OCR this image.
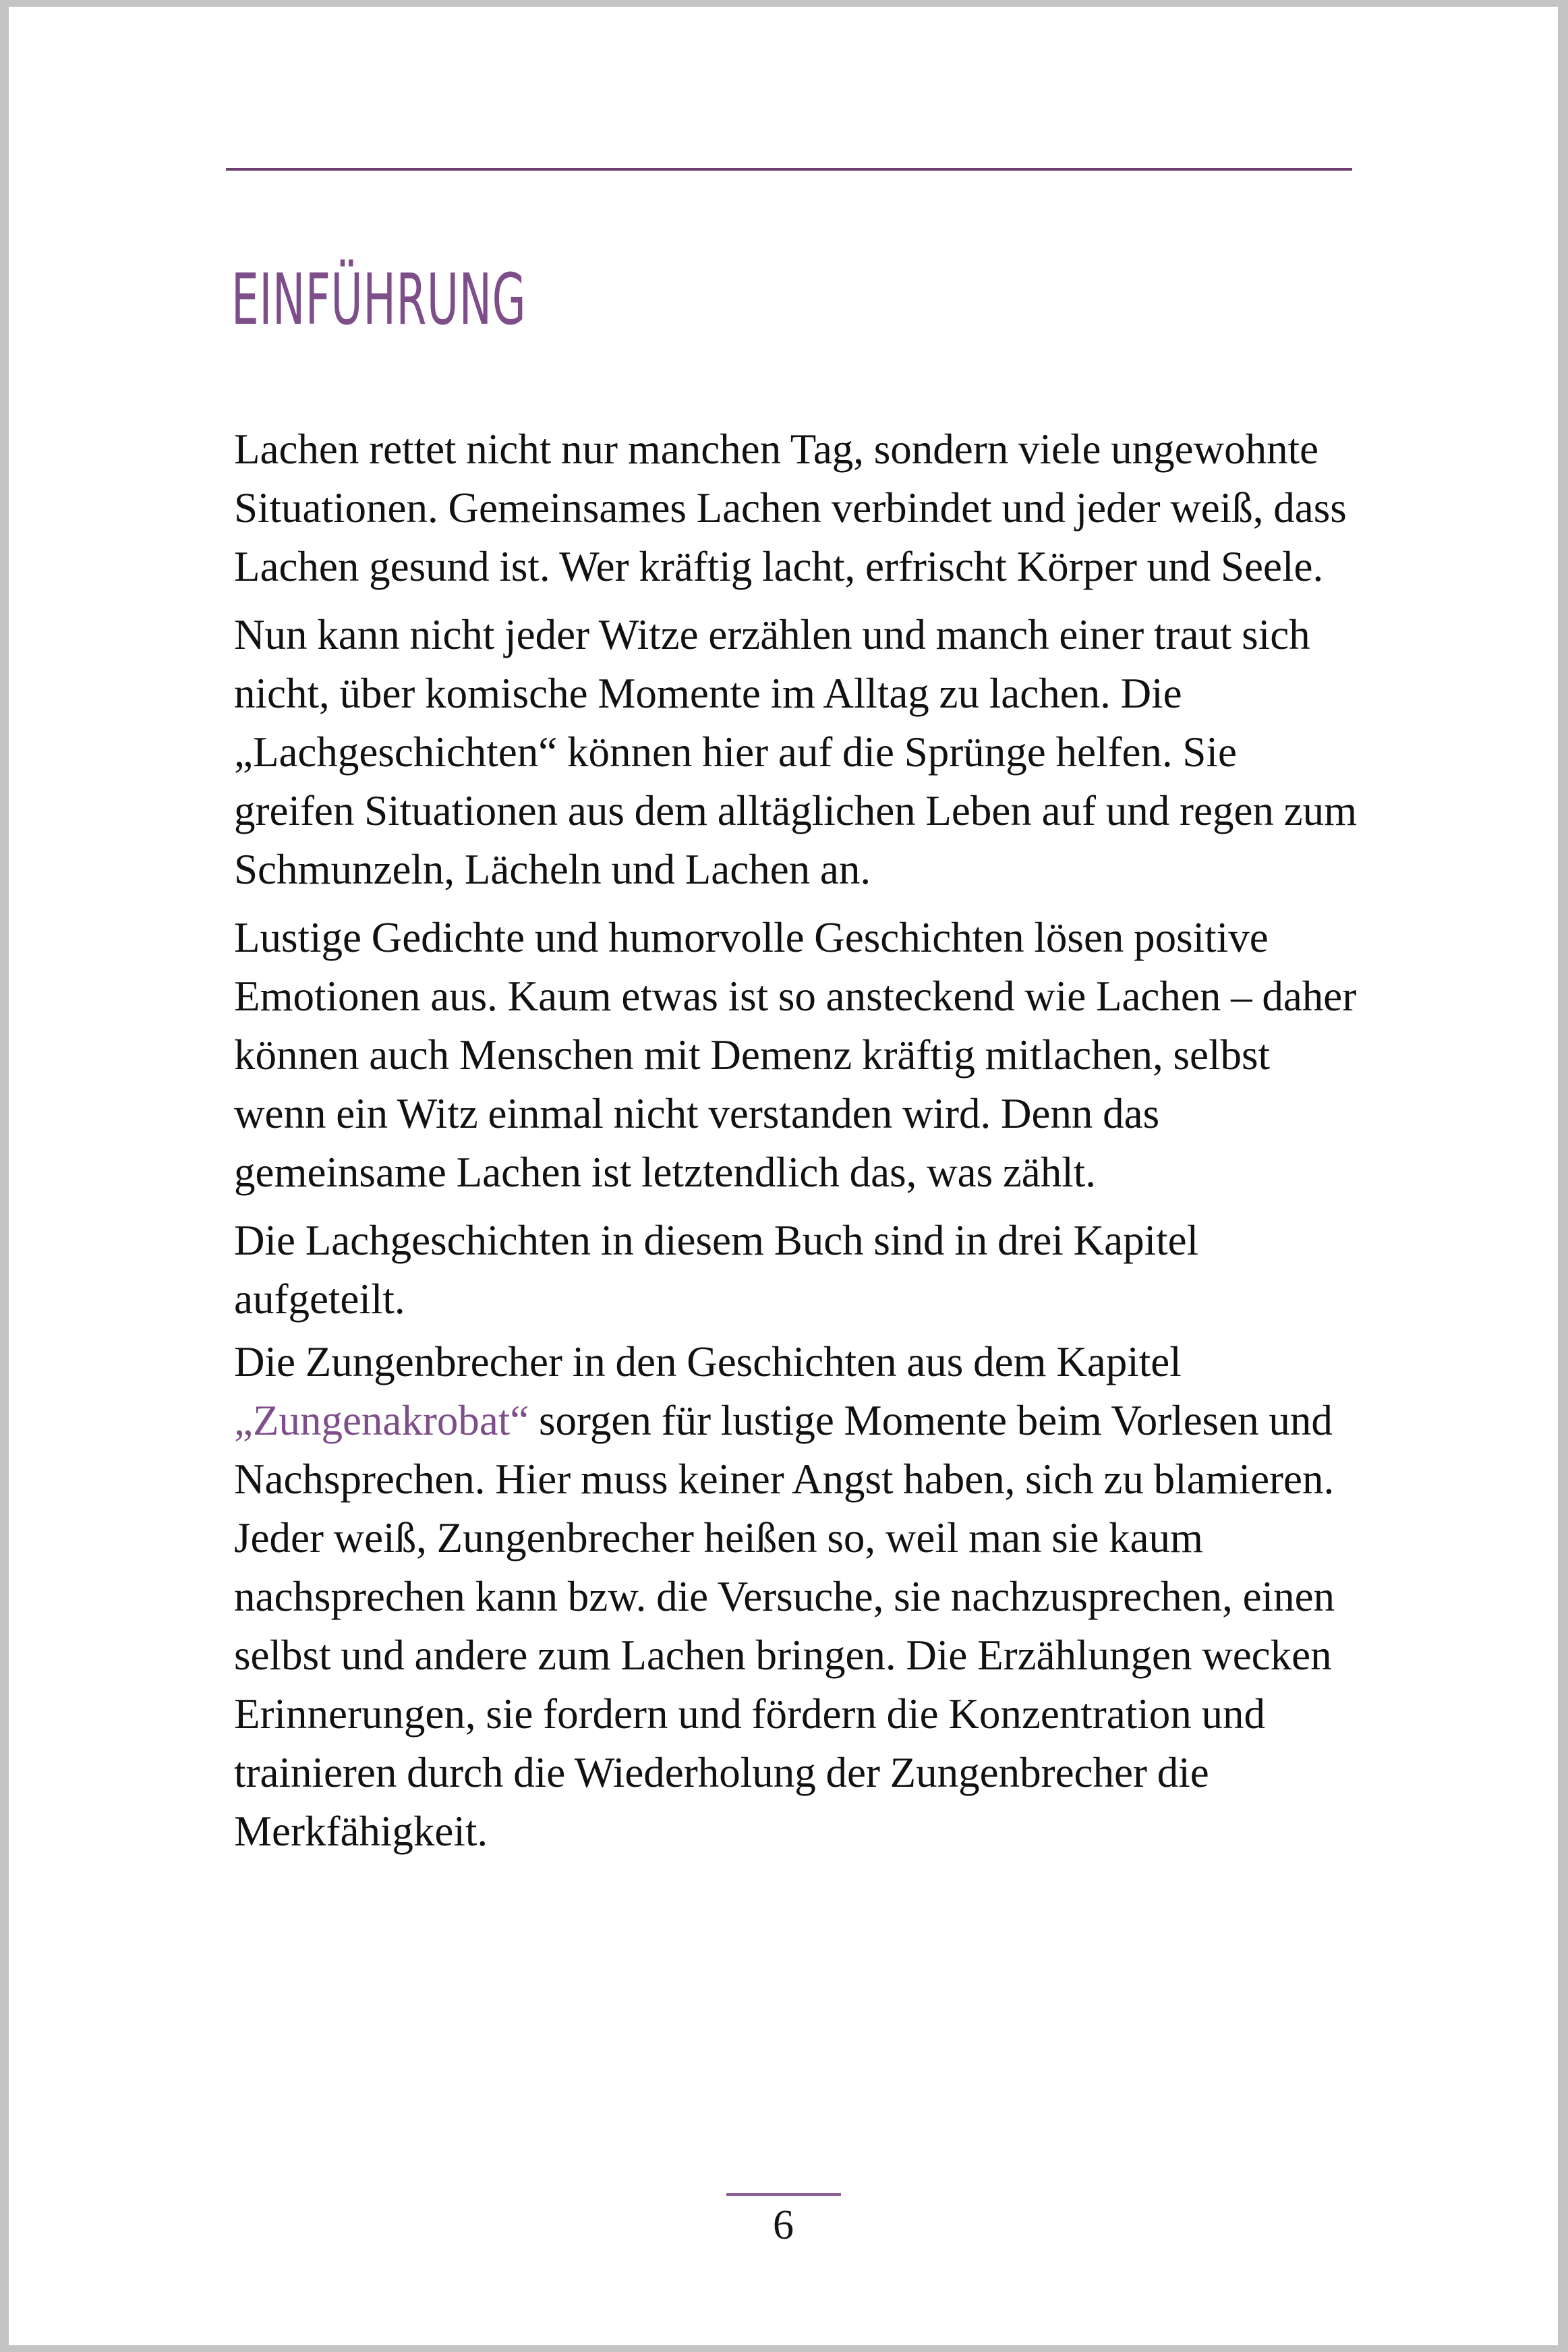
EINFÜHRUNG

Lachen rettet nicht nur manchen Tag, sondern viele ungewohnte Situationen. Gemeinsames Lachen verbindet und jeder weiß, dass Lachen gesund ist. Wer kräftig lacht, erfrischt Körper und Seele.

Nun kann nicht jeder Witze erzählen und manch einer traut sich nicht, über komische Momente im Alltag zu lachen. Die „Lachgeschichten“ können hier auf die Sprünge helfen. Sie greifen Situationen aus dem alltäglichen Leben auf und regen zum Schmunzeln, Lächeln und Lachen an.

Lustige Gedichte und humorvolle Geschichten lösen positive Emotionen aus. Kaum etwas ist so ansteckend wie Lachen – daher können auch Menschen mit Demenz kräftig mitlachen, selbst wenn ein Witz einmal nicht verstanden wird. Denn das gemeinsame Lachen ist letztendlich das, was zählt.

Die Lachgeschichten in diesem Buch sind in drei Kapitel aufgeteilt.

Die Zungenbrecher in den Geschichten aus dem Kapitel „Zungenakrobat“ sorgen für lustige Momente beim Vorlesen und Nachsprechen. Hier muss keiner Angst haben, sich zu blamieren. Jeder weiß, Zungenbrecher heißen so, weil man sie kaum nachsprechen kann bzw. die Versuche, sie nachzusprechen, einen selbst und andere zum Lachen bringen. Die Erzählungen wecken Erinnerungen, sie fordern und fördern die Konzentration und trainieren durch die Wiederholung der Zungenbrecher die Merkfähigkeit.

6
